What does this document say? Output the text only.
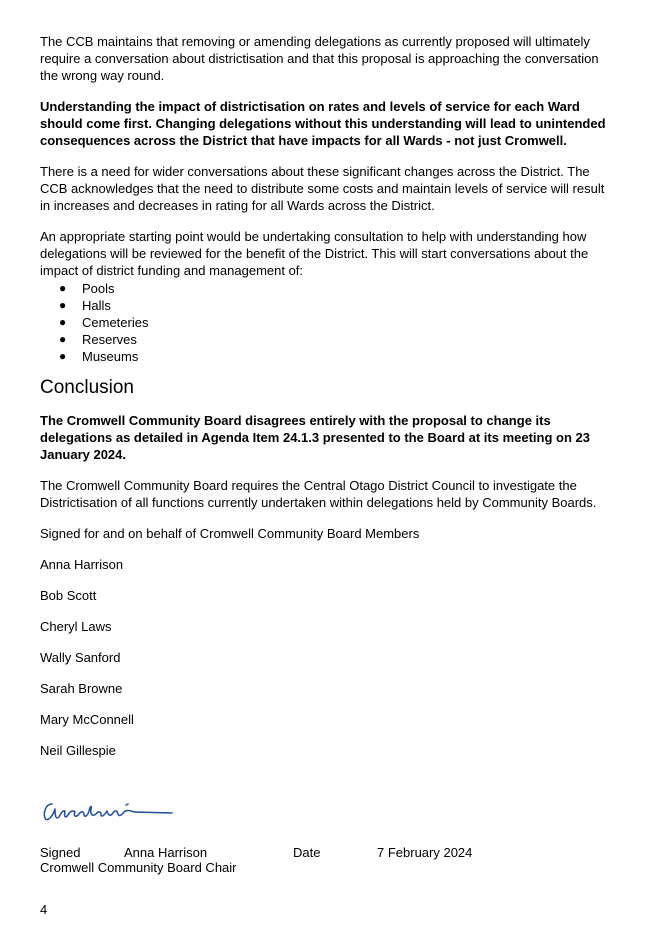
The CCB maintains that removing or amending delegations as currently proposed will ultimately require a conversation about districtisation and that this proposal is approaching the conversation the wrong way round.

Understanding the impact of districtisation on rates and levels of service for each Ward should come first. Changing delegations without this understanding will lead to unintended consequences across the District that have impacts for all Wards - not just Cromwell.

There is a need for wider conversations about these significant changes across the District. The CCB acknowledges that the need to distribute some costs and maintain levels of service will result in increases and decreases in rating for all Wards across the District.

An appropriate starting point would be undertaking consultation to help with understanding how delegations will be reviewed for the benefit of the District. This will start conversations about the impact of district funding and management of:

● Pools
● Halls
● Cemeteries
● Reserves
● Museums
Conclusion

The Cromwell Community Board disagrees entirely with the proposal to change its delegations as detailed in Agenda Item 24.1.3 presented to the Board at its meeting on 23 January 2024.

The Cromwell Community Board requires the Central Otago District Council to investigate the Districtisation of all functions currently undertaken within delegations held by Community Boards.

Signed for and on behalf of Cromwell Community Board Members

Anna Harrison

Bob Scott

Cheryl Laws

Wally Sanford

Sarah Browne

Mary McConnell

Neil Gillespie

Signed	Anna Harrison	Date	7 February 2024
Cromwell Community Board Chair
4
